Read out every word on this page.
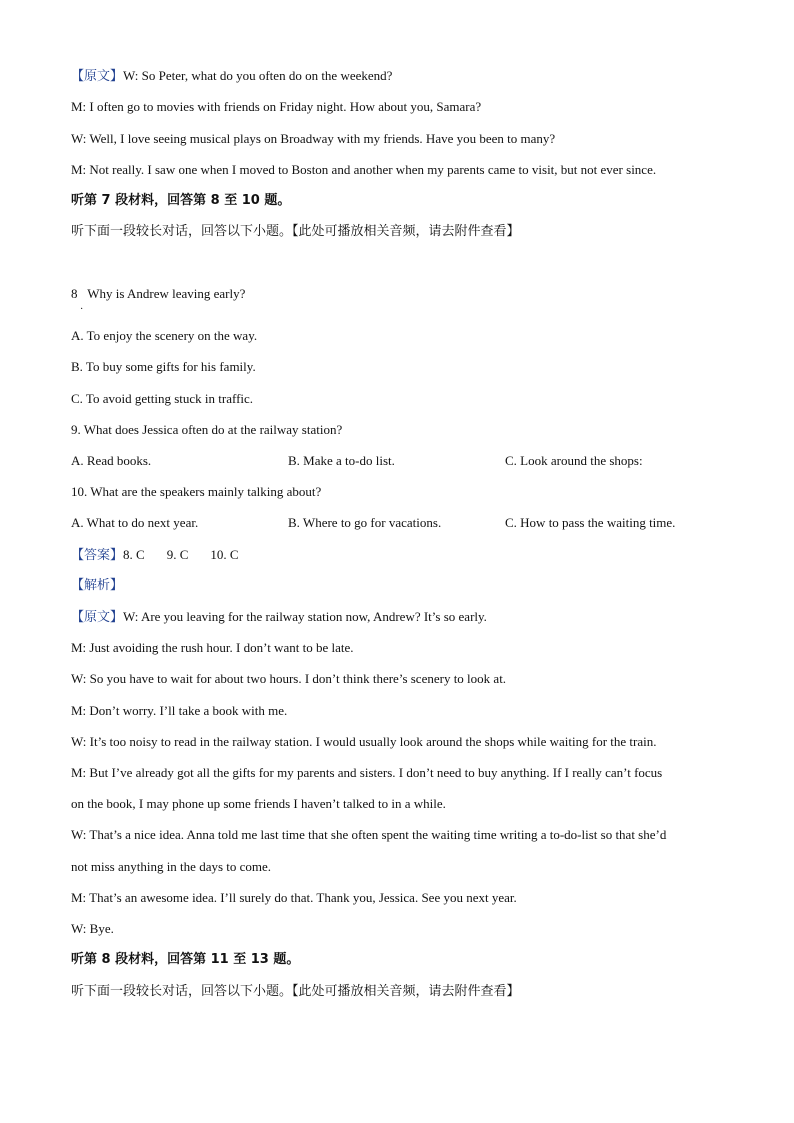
【原文】W: So Peter, what do you often do on the weekend?
M: I often go to movies with friends on Friday night. How about you, Samara?
W: Well, I love seeing musical plays on Broadway with my friends. Have you been to many?
M: Not really. I saw one when I moved to Boston and another when my parents came to visit, but not ever since.
听第 7 段材料，回答第 8 至 10 题。
听下面一段较长对话，回答以下小题。【此处可播放相关音频，请去附件查看】
8 Why is Andrew leaving early?
·
A. To enjoy the scenery on the way.
B. To buy some gifts for his family.
C. To avoid getting stuck in traffic.
9. What does Jessica often do at the railway station?
A. Read books.	B. Make a to-do list.	C. Look around the shops:
10. What are the speakers mainly talking about?
A. What to do next year.	B. Where to go for vacations.	C. How to pass the waiting time.
【答案】8. C 9. C 10. C
【解析】
【原文】W: Are you leaving for the railway station now, Andrew? It’s so early.
M: Just avoiding the rush hour. I don’t want to be late.
W: So you have to wait for about two hours. I don’t think there’s scenery to look at.
M: Don’t worry. I’ll take a book with me.
W: It’s too noisy to read in the railway station. I would usually look around the shops while waiting for the train.
M: But I’ve already got all the gifts for my parents and sisters. I don’t need to buy anything. If I really can’t focus
on the book, I may phone up some friends I haven’t talked to in a while.
W: That’s a nice idea. Anna told me last time that she often spent the waiting time writing a to-do-list so that she’d
not miss anything in the days to come.
M: That’s an awesome idea. I’ll surely do that. Thank you, Jessica. See you next year.
W: Bye.
听第 8 段材料，回答第 11 至 13 题。
听下面一段较长对话，回答以下小题。【此处可播放相关音频，请去附件查看】
